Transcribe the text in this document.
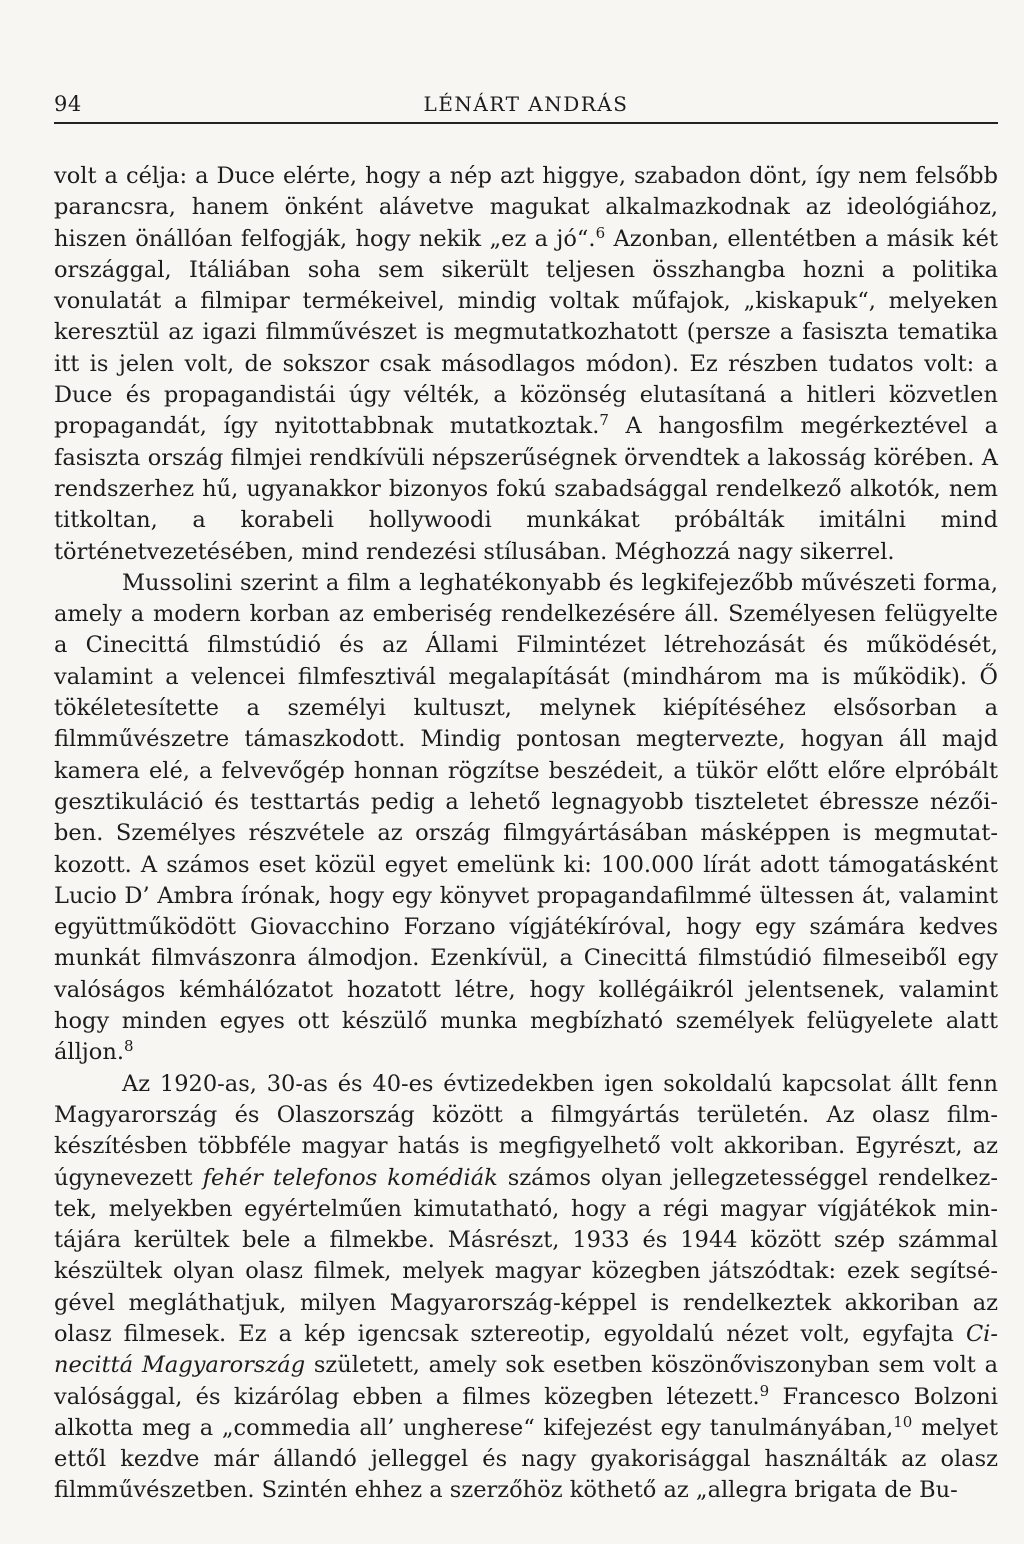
94	LÉNÁRT ANDRÁS

volt a célja: a Duce elérte, hogy a nép azt higgye, szabadon dönt, így nem felsőbb parancsra, hanem önként alávetve magukat alkalmazkodnak az ideológiához, hiszen önállóan felfogják, hogy nekik „ez a jó“.$^6$ Azonban, ellentétben a másik két országgal, Itáliában soha sem sikerült teljesen összhangba hozni a politika vonulatát a filmipar termékeivel, mindig voltak műfajok, „kiskapuk“, melyeken keresztül az igazi filmművészet is megmutatkozhatott (persze a fasiszta tematika itt is jelen volt, de sokszor csak másodlagos módon). Ez részben tudatos volt: a Duce és propagandistái úgy vélték, a közönség elutasítaná a hitleri közvetlen propagandát, így nyitottabbnak mutatkoztak.$^7$ A hangosfilm megérkeztével a fasiszta ország filmjei rendkívüli népszerűségnek örvendtek a lakosság körében. A rendszerhez hű, ugyanakkor bizonyos fokú szabadsággal rendelkező alkotók, nem titkoltan, a korabeli hollywoodi munkákat próbálták imitálni mind történetvezetésében, mind rendezési stílusában. Méghozzá nagy sikerrel.

Mussolini szerint a film a leghatékonyabb és legkifejezőbb művészeti forma, amely a modern korban az emberiség rendelkezésére áll. Személyesen felügyelte a Cinecittá filmstúdió és az Állami Filmintézet létrehozását és működését, valamint a velencei filmfesztivál megalapítását (mindhárom ma is működik). Ő tökéletesítette a személyi kultuszt, melynek kiépítéséhez elsősorban a filmművészetre támaszkodott. Mindig pontosan megtervezte, hogyan áll majd kamera elé, a felvevőgép honnan rögzítse beszédeit, a tükör előtt előre elpróbált gesztikuláció és testtartás pedig a lehető legnagyobb tiszteletet ébressze nézőiben. Személyes részvétele az ország filmgyártásában másképpen is megmutatkozott. A számos eset közül egyet emelünk ki: 100.000 lírát adott támogatásként Lucio D’ Ambra írónak, hogy egy könyvet propagandafilmmé ültessen át, valamint együttműködött Giovacchino Forzano vígjátékíróval, hogy egy számára kedves munkát filmvászonra álmodjon. Ezenkívül, a Cinecittá filmstúdió filmeseiből egy valóságos kémhálózatot hozatott létre, hogy kollégáikról jelentsenek, valamint hogy minden egyes ott készülő munka megbízható személyek felügyelete alatt álljon.$^8$

Az 1920-as, 30-as és 40-es évtizedekben igen sokoldalú kapcsolat állt fenn Magyarország és Olaszország között a filmgyártás területén. Az olasz filmkészítésben többféle magyar hatás is megfigyelhető volt akkoriban. Egyrészt, az úgynevezett fehér telefonos komédiák számos olyan jellegzetességgel rendelkeztek, melyekben egyértelműen kimutatható, hogy a régi magyar vígjátékok mintájára kerültek bele a filmekbe. Másrészt, 1933 és 1944 között szép számmal készültek olyan olasz filmek, melyek magyar közegben játszódtak: ezek segítségével megláthatjuk, milyen Magyarország-képpel is rendelkeztek akkoriban az olasz filmesek. Ez a kép igencsak sztereotip, egyoldalú nézet volt, egyfajta Cinecittá Magyarország született, amely sok esetben köszönőviszonyban sem volt a valósággal, és kizárólag ebben a filmes közegben létezett.$^9$ Francesco Bolzoni alkotta meg a „commedia all’ ungherese“ kifejezést egy tanulmányában,$^{10}$ melyet ettől kezdve már állandó jelleggel és nagy gyakorisággal használták az olasz filmművészetben. Szintén ehhez a szerzőhöz köthető az „allegra brigata de Bu-
